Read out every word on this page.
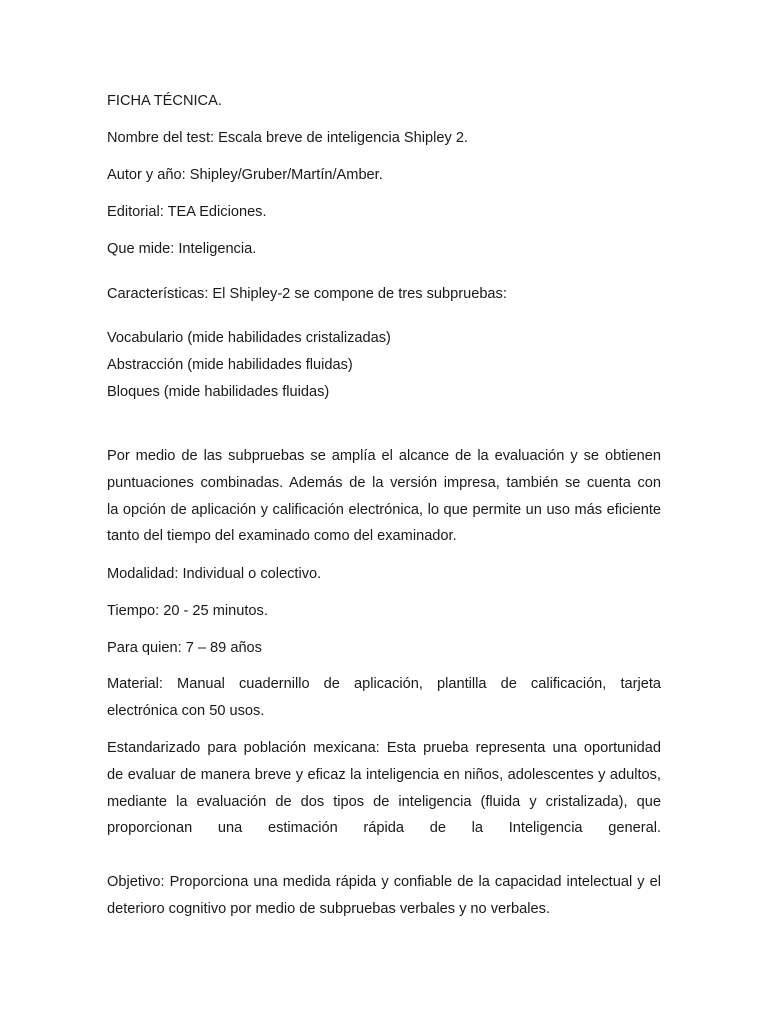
FICHA TÉCNICA.
Nombre del test: Escala breve de inteligencia Shipley 2.
Autor y año: Shipley/Gruber/Martín/Amber.
Editorial: TEA Ediciones.
Que mide: Inteligencia.
Características: El Shipley-2 se compone de tres subpruebas:
Vocabulario (mide habilidades cristalizadas)
Abstracción (mide habilidades fluidas)
Bloques (mide habilidades fluidas)
Por medio de las subpruebas se amplía el alcance de la evaluación y se obtienen
puntuaciones combinadas. Además de la versión impresa, también se cuenta con
la opción de aplicación y calificación electrónica, lo que permite un uso más eficiente
tanto del tiempo del examinado como del examinador.
Modalidad: Individual o colectivo.
Tiempo: 20 - 25 minutos.
Para quien: 7 – 89 años
Material: Manual cuadernillo de aplicación, plantilla de calificación, tarjeta
electrónica con 50 usos.
Estandarizado para población mexicana: Esta prueba representa una oportunidad
de evaluar de manera breve y eficaz la inteligencia en niños, adolescentes y adultos,
mediante la evaluación de dos tipos de inteligencia (fluida y cristalizada), que
proporcionan una estimación rápida de la Inteligencia general.
Objetivo: Proporciona una medida rápida y confiable de la capacidad intelectual y el
deterioro cognitivo por medio de subpruebas verbales y no verbales.
